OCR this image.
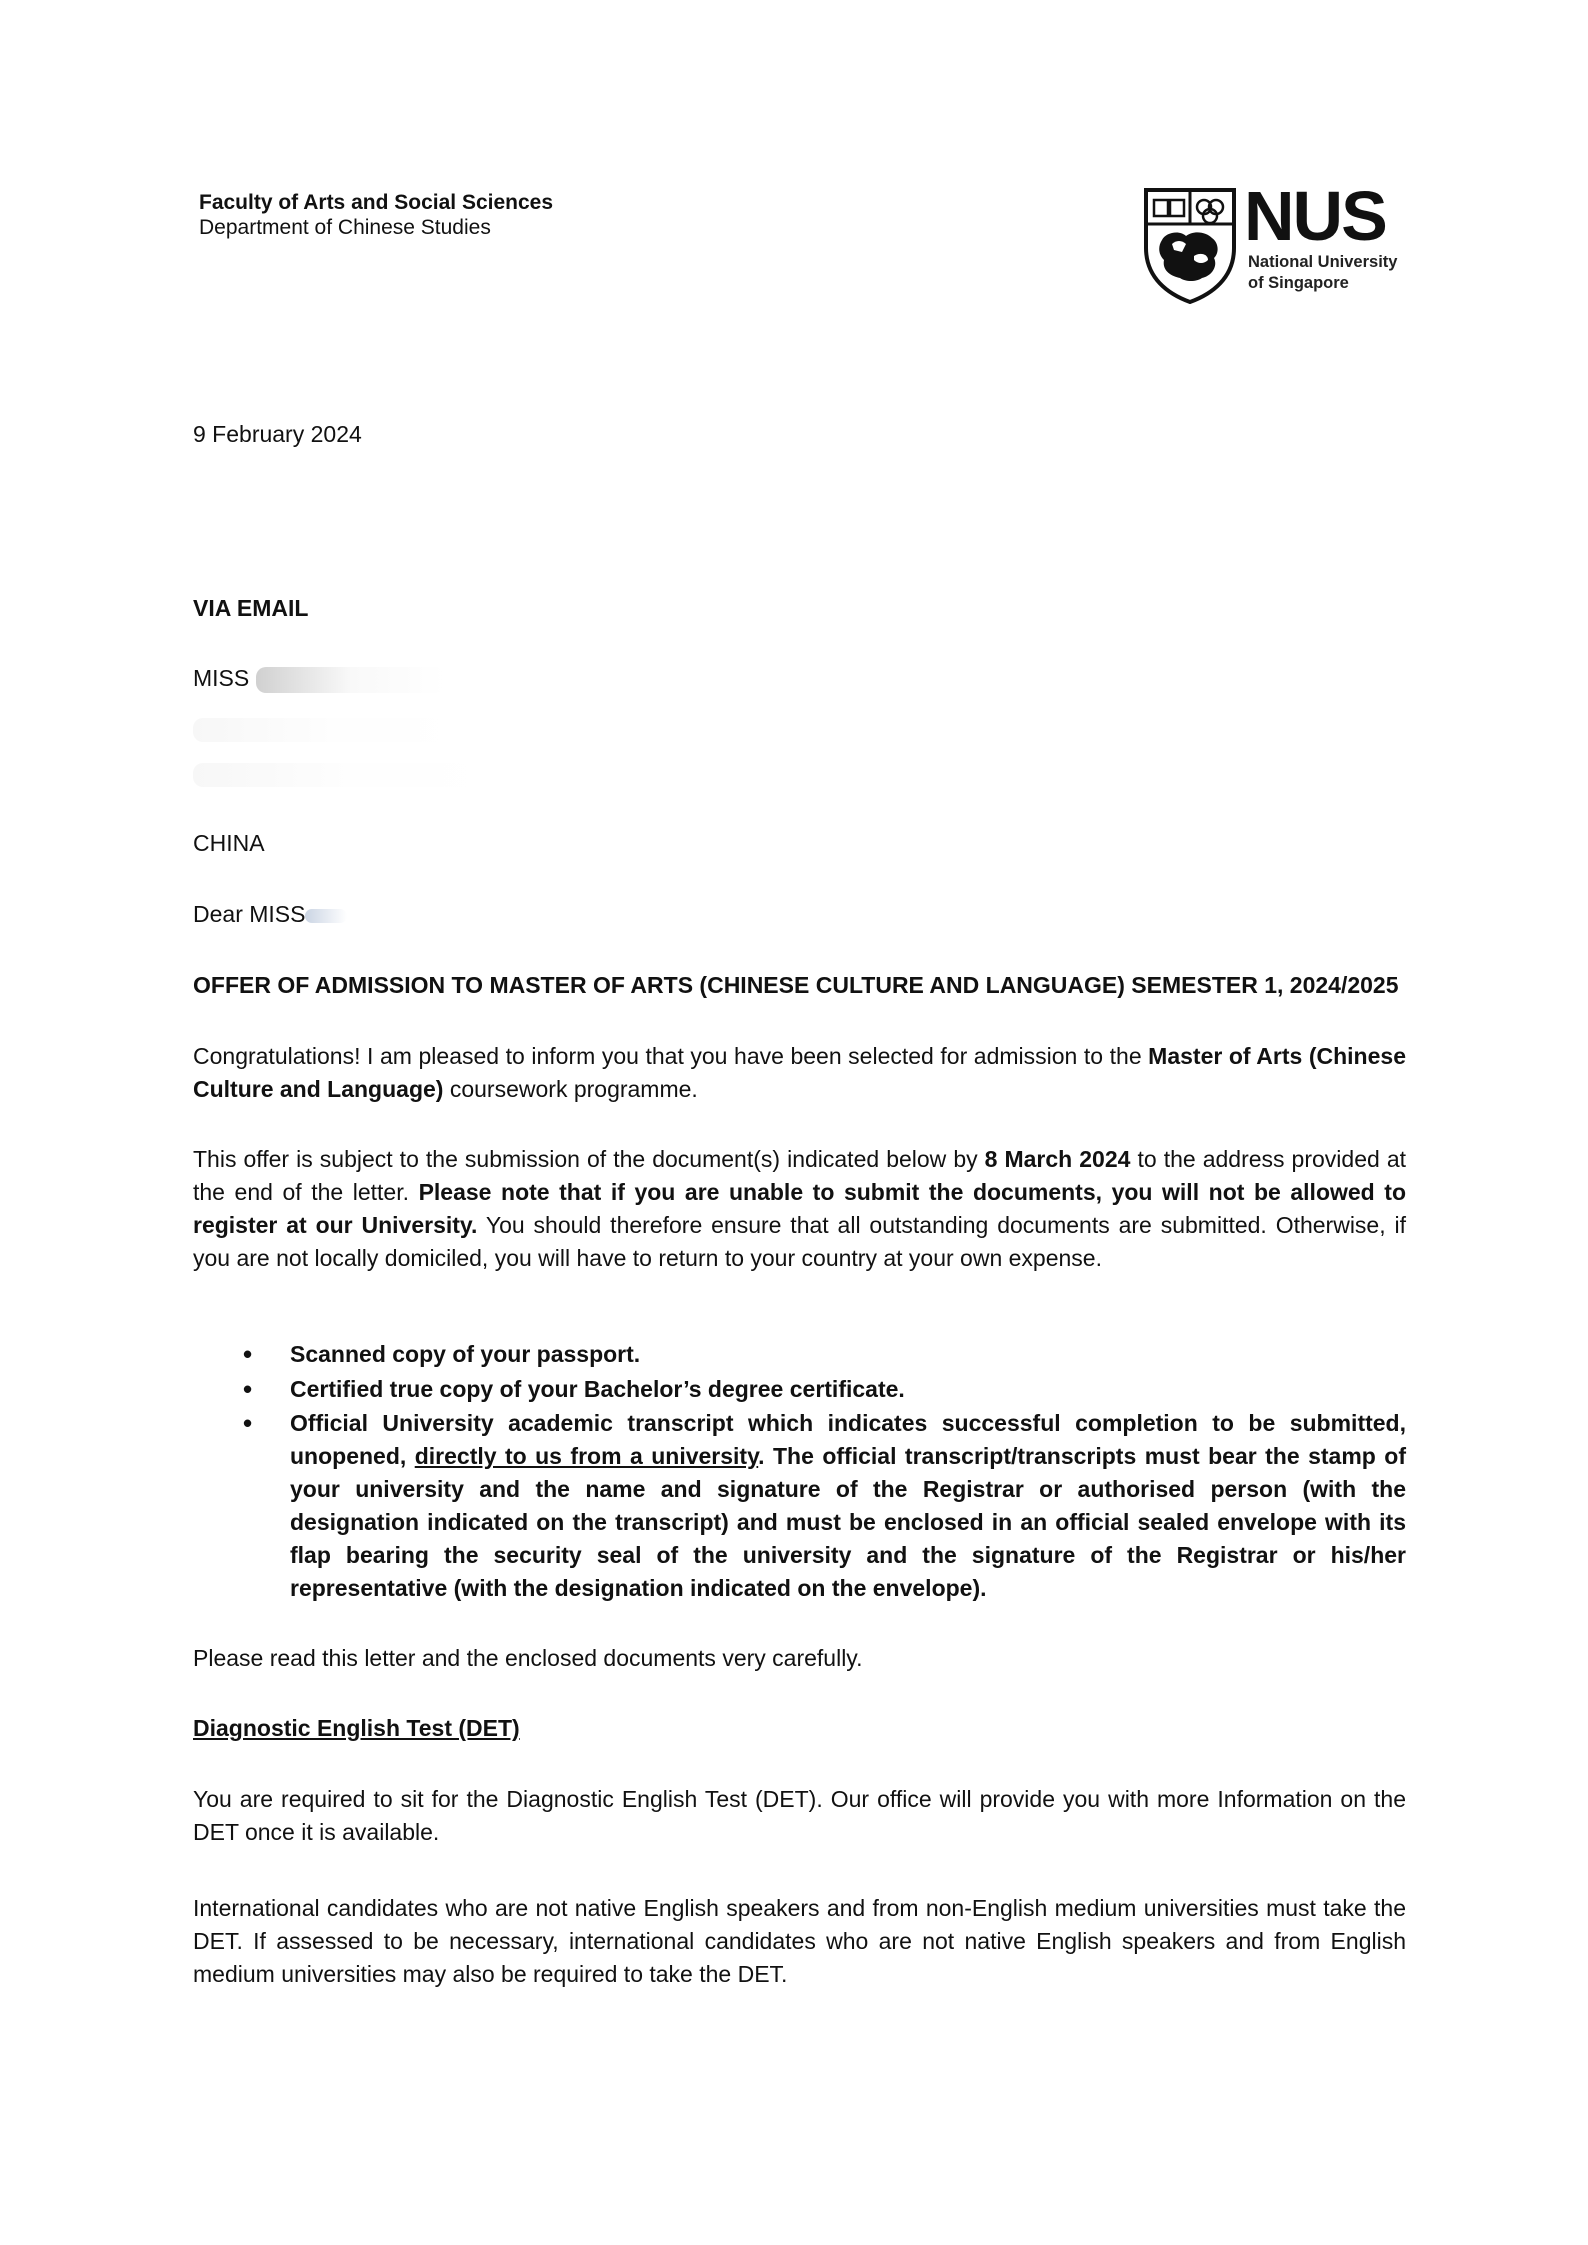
Faculty of Arts and Social Sciences
Department of Chinese Studies	NUS
National University
of Singapore
9 February 2024
VIA EMAIL
MISS

CHINA
Dear MISS
OFFER OF ADMISSION TO MASTER OF ARTS (CHINESE CULTURE AND LANGUAGE) SEMESTER 1, 2024/2025
Congratulations! I am pleased to inform you that you have been selected for admission to the Master of Arts (Chinese Culture and Language) coursework programme.
This offer is subject to the submission of the document(s) indicated below by 8 March 2024 to the address provided at the end of the letter. Please note that if you are unable to submit the documents, you will not be allowed to register at our University. You should therefore ensure that all outstanding documents are submitted. Otherwise, if you are not locally domiciled, you will have to return to your country at your own expense.
• Scanned copy of your passport.
• Certified true copy of your Bachelor’s degree certificate.
• Official University academic transcript which indicates successful completion to be submitted, unopened, directly to us from a university. The official transcript/transcripts must bear the stamp of your university and the name and signature of the Registrar or authorised person (with the designation indicated on the transcript) and must be enclosed in an official sealed envelope with its flap bearing the security seal of the university and the signature of the Registrar or his/her representative (with the designation indicated on the envelope).
Please read this letter and the enclosed documents very carefully.
Diagnostic English Test (DET)
You are required to sit for the Diagnostic English Test (DET). Our office will provide you with more Information on the DET once it is available.
International candidates who are not native English speakers and from non-English medium universities must take the DET. If assessed to be necessary, international candidates who are not native English speakers and from English medium universities may also be required to take the DET.
